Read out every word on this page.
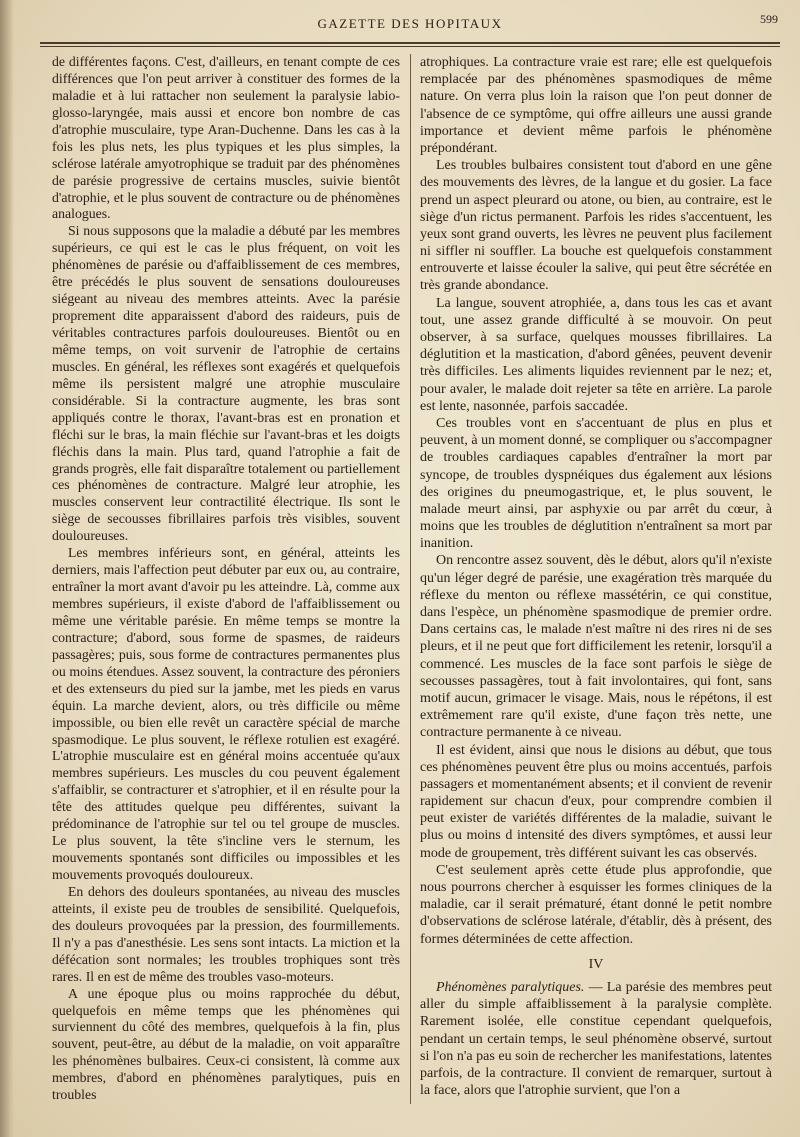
GAZETTE DES HOPITAUX	599

de différentes façons. C'est, d'ailleurs, en tenant compte de ces différences que l'on peut arriver à constituer des formes de la maladie et à lui rattacher non seulement la paralysie labio-glosso-laryngée, mais aussi et encore bon nombre de cas d'atrophie musculaire, type Aran-Duchenne. Dans les cas à la fois les plus nets, les plus typiques et les plus simples, la sclérose latérale amyotrophique se traduit par des phénomènes de parésie progressive de certains muscles, suivie bientôt d'atrophie, et le plus souvent de contracture ou de phénomènes analogues.

Si nous supposons que la maladie a débuté par les membres supérieurs, ce qui est le cas le plus fréquent, on voit les phénomènes de parésie ou d'affaiblissement de ces membres, être précédés le plus souvent de sensations douloureuses siégeant au niveau des membres atteints. Avec la parésie proprement dite apparaissent d'abord des raideurs, puis de véritables contractures parfois douloureuses. Bientôt ou en même temps, on voit survenir de l'atrophie de certains muscles. En général, les réflexes sont exagérés et quelquefois même ils persistent malgré une atrophie musculaire considérable. Si la contracture augmente, les bras sont appliqués contre le thorax, l'avant-bras est en pronation et fléchi sur le bras, la main fléchie sur l'avant-bras et les doigts fléchis dans la main. Plus tard, quand l'atrophie a fait de grands progrès, elle fait disparaître totalement ou partiellement ces phénomènes de contracture. Malgré leur atrophie, les muscles conservent leur contractilité électrique. Ils sont le siège de secousses fibrillaires parfois très visibles, souvent douloureuses.

Les membres inférieurs sont, en général, atteints les derniers, mais l'affection peut débuter par eux ou, au contraire, entraîner la mort avant d'avoir pu les atteindre. Là, comme aux membres supérieurs, il existe d'abord de l'affaiblissement ou même une véritable parésie. En même temps se montre la contracture; d'abord, sous forme de spasmes, de raideurs passagères; puis, sous forme de contractures permanentes plus ou moins étendues. Assez souvent, la contracture des péroniers et des extenseurs du pied sur la jambe, met les pieds en varus équin. La marche devient, alors, ou très difficile ou même impossible, ou bien elle revêt un caractère spécial de marche spasmodique. Le plus souvent, le réflexe rotulien est exagéré. L'atrophie musculaire est en général moins accentuée qu'aux membres supérieurs. Les muscles du cou peuvent également s'affaiblir, se contracturer et s'atrophier, et il en résulte pour la tête des attitudes quelque peu différentes, suivant la prédominance de l'atrophie sur tel ou tel groupe de muscles. Le plus souvent, la tête s'incline vers le sternum, les mouvements spontanés sont difficiles ou impossibles et les mouvements provoqués douloureux.

En dehors des douleurs spontanées, au niveau des muscles atteints, il existe peu de troubles de sensibilité. Quelquefois, des douleurs provoquées par la pression, des fourmillements. Il n'y a pas d'anesthésie. Les sens sont intacts. La miction et la défécation sont normales; les troubles trophiques sont très rares. Il en est de même des troubles vaso-moteurs.

A une époque plus ou moins rapprochée du début, quelquefois en même temps que les phénomènes qui surviennent du côté des membres, quelquefois à la fin, plus souvent, peut-être, au début de la maladie, on voit apparaître les phénomènes bulbaires. Ceux-ci consistent, là comme aux membres, d'abord en phénomènes paralytiques, puis en troubles

atrophiques. La contracture vraie est rare; elle est quelquefois remplacée par des phénomènes spasmodiques de même nature. On verra plus loin la raison que l'on peut donner de l'absence de ce symptôme, qui offre ailleurs une aussi grande importance et devient même parfois le phénomène prépondérant.

Les troubles bulbaires consistent tout d'abord en une gêne des mouvements des lèvres, de la langue et du gosier. La face prend un aspect pleurard ou atone, ou bien, au contraire, est le siège d'un rictus permanent. Parfois les rides s'accentuent, les yeux sont grand ouverts, les lèvres ne peuvent plus facilement ni siffler ni souffler. La bouche est quelquefois constamment entrouverte et laisse écouler la salive, qui peut être sécrétée en très grande abondance.

La langue, souvent atrophiée, a, dans tous les cas et avant tout, une assez grande difficulté à se mouvoir. On peut observer, à sa surface, quelques mousses fibrillaires. La déglutition et la mastication, d'abord gênées, peuvent devenir très difficiles. Les aliments liquides reviennent par le nez; et, pour avaler, le malade doit rejeter sa tête en arrière. La parole est lente, nasonnée, parfois saccadée.

Ces troubles vont en s'accentuant de plus en plus et peuvent, à un moment donné, se compliquer ou s'accompagner de troubles cardiaques capables d'entraîner la mort par syncope, de troubles dyspnéiques dus également aux lésions des origines du pneumogastrique, et, le plus souvent, le malade meurt ainsi, par asphyxie ou par arrêt du cœur, à moins que les troubles de déglutition n'entraînent sa mort par inanition.

On rencontre assez souvent, dès le début, alors qu'il n'existe qu'un léger degré de parésie, une exagération très marquée du réflexe du menton ou réflexe massétérin, ce qui constitue, dans l'espèce, un phénomène spasmodique de premier ordre. Dans certains cas, le malade n'est maître ni des rires ni de ses pleurs, et il ne peut que fort difficilement les retenir, lorsqu'il a commencé. Les muscles de la face sont parfois le siège de secousses passagères, tout à fait involontaires, qui font, sans motif aucun, grimacer le visage. Mais, nous le répétons, il est extrêmement rare qu'il existe, d'une façon très nette, une contracture permanente à ce niveau.

Il est évident, ainsi que nous le disions au début, que tous ces phénomènes peuvent être plus ou moins accentués, parfois passagers et momentanément absents; et il convient de revenir rapidement sur chacun d'eux, pour comprendre combien il peut exister de variétés différentes de la maladie, suivant le plus ou moins d intensité des divers symptômes, et aussi leur mode de groupement, très différent suivant les cas observés.

C'est seulement après cette étude plus approfondie, que nous pourrons chercher à esquisser les formes cliniques de la maladie, car il serait prématuré, étant donné le petit nombre d'observations de sclérose latérale, d'établir, dès à présent, des formes déterminées de cette affection.

IV

Phénomènes paralytiques. — La parésie des membres peut aller du simple affaiblissement à la paralysie complète. Rarement isolée, elle constitue cependant quelquefois, pendant un certain temps, le seul phénomène observé, surtout si l'on n'a pas eu soin de rechercher les manifestations, latentes parfois, de la contracture. Il convient de remarquer, surtout à la face, alors que l'atrophie survient, que l'on a
